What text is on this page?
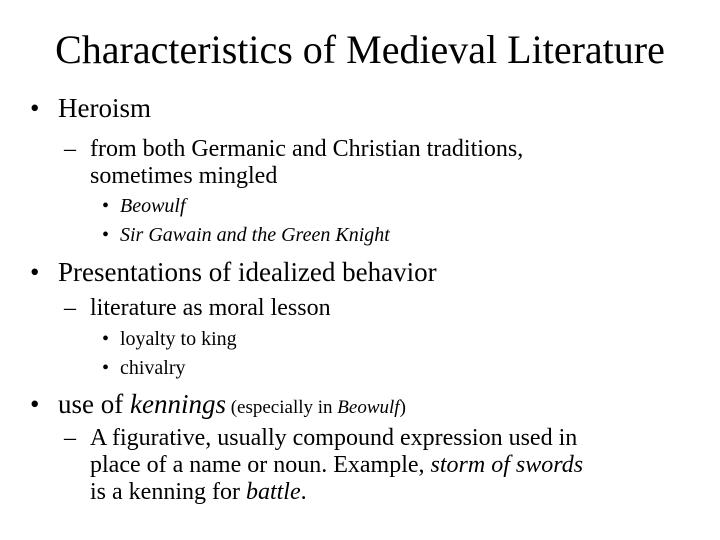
Characteristics of Medieval Literature
• Heroism
– from both Germanic and Christian traditions,
sometimes mingled
• Beowulf
• Sir Gawain and the Green Knight
• Presentations of idealized behavior
– literature as moral lesson
• loyalty to king
• chivalry
• use of kennings (especially in Beowulf)
– A figurative, usually compound expression used in
place of a name or noun. Example, storm of swords
is a kenning for battle.
